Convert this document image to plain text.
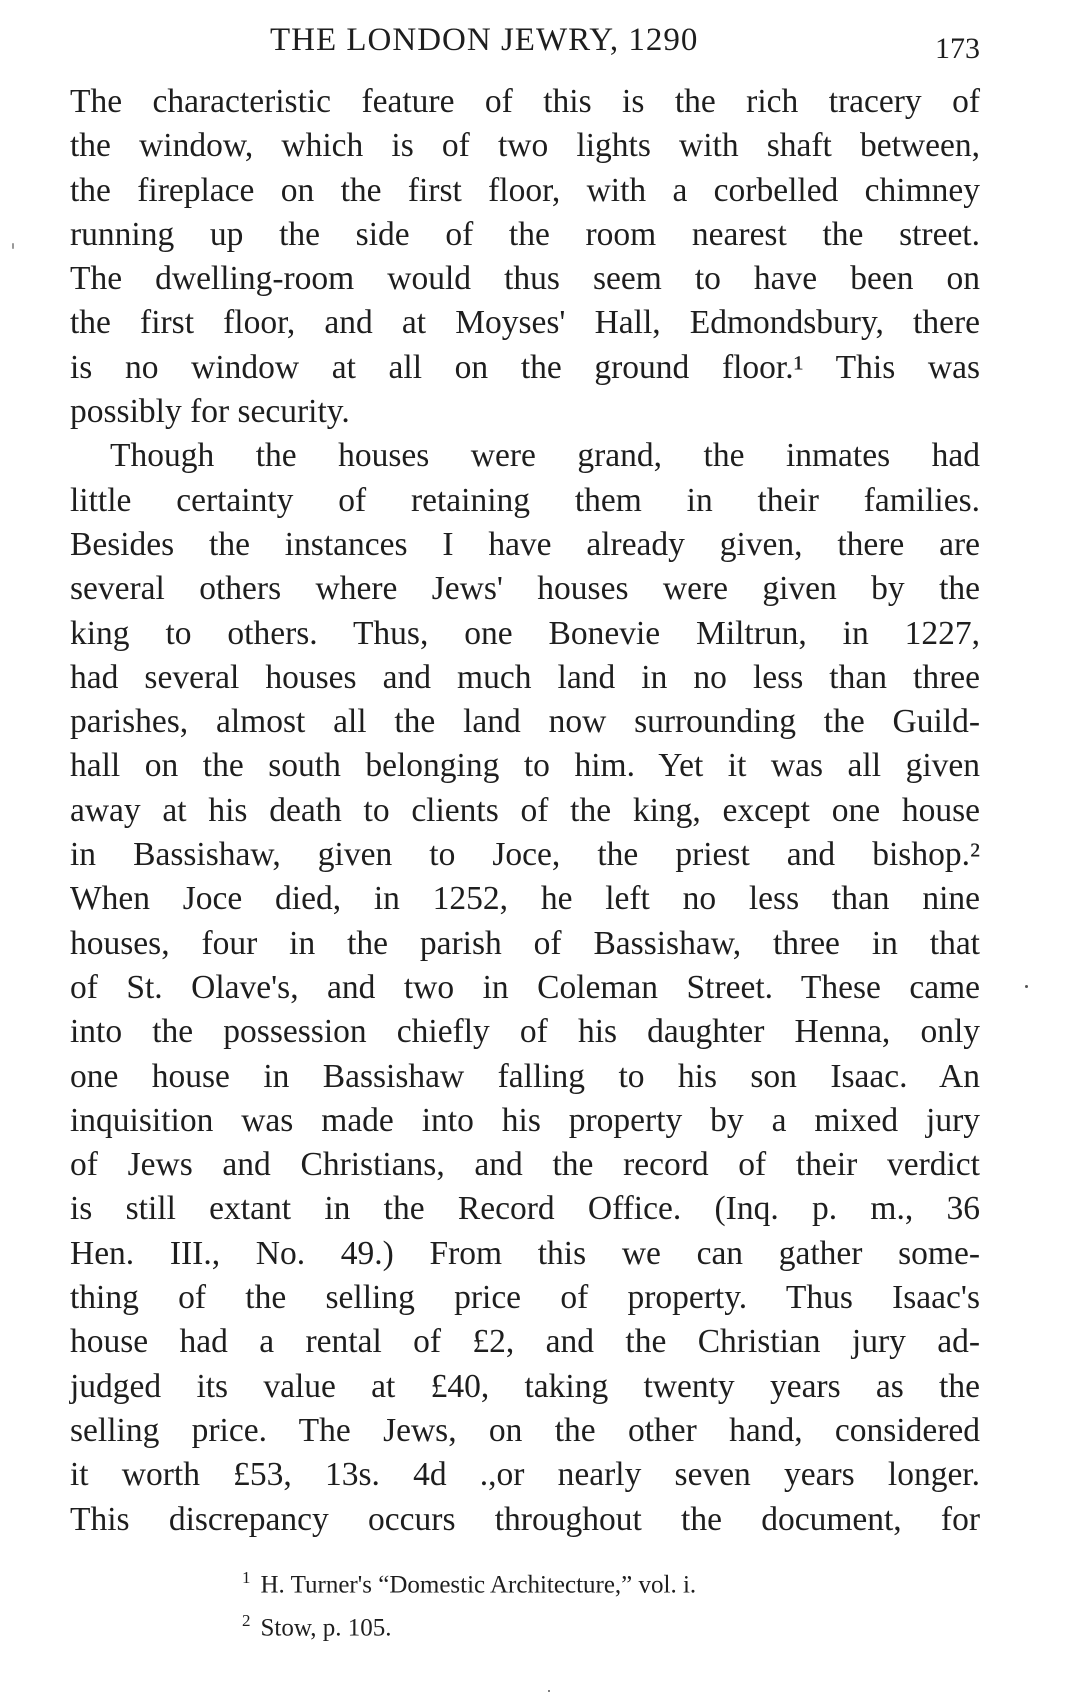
THE LONDON JEWRY, 1290	173
The characteristic feature of this is the rich tracery of
the window, which is of two lights with shaft between,
the fireplace on the first floor, with a corbelled chimney
running up the side of the room nearest the street.
The dwelling-room would thus seem to have been on
the first floor, and at Moyses' Hall, Edmondsbury, there
is no window at all on the ground floor.¹ This was
possibly for security.
Though the houses were grand, the inmates had
little certainty of retaining them in their families.
Besides the instances I have already given, there are
several others where Jews' houses were given by the
king to others. Thus, one Bonevie Miltrun, in 1227,
had several houses and much land in no less than three
parishes, almost all the land now surrounding the Guild-
hall on the south belonging to him. Yet it was all given
away at his death to clients of the king, except one house
in Bassishaw, given to Joce, the priest and bishop.²
When Joce died, in 1252, he left no less than nine
houses, four in the parish of Bassishaw, three in that
of St. Olave's, and two in Coleman Street. These came
into the possession chiefly of his daughter Henna, only
one house in Bassishaw falling to his son Isaac. An
inquisition was made into his property by a mixed jury
of Jews and Christians, and the record of their verdict
is still extant in the Record Office. (Inq. p. m., 36
Hen. III., No. 49.) From this we can gather some-
thing of the selling price of property. Thus Isaac's
house had a rental of £2, and the Christian jury ad-
judged its value at £40, taking twenty years as the
selling price. The Jews, on the other hand, considered
it worth £53, 13s. 4d .,or nearly seven years longer.
This discrepancy occurs throughout the document, for
$^1$ H. Turner's “Domestic Architecture,” vol. i.
$^2$ Stow, p. 105.
